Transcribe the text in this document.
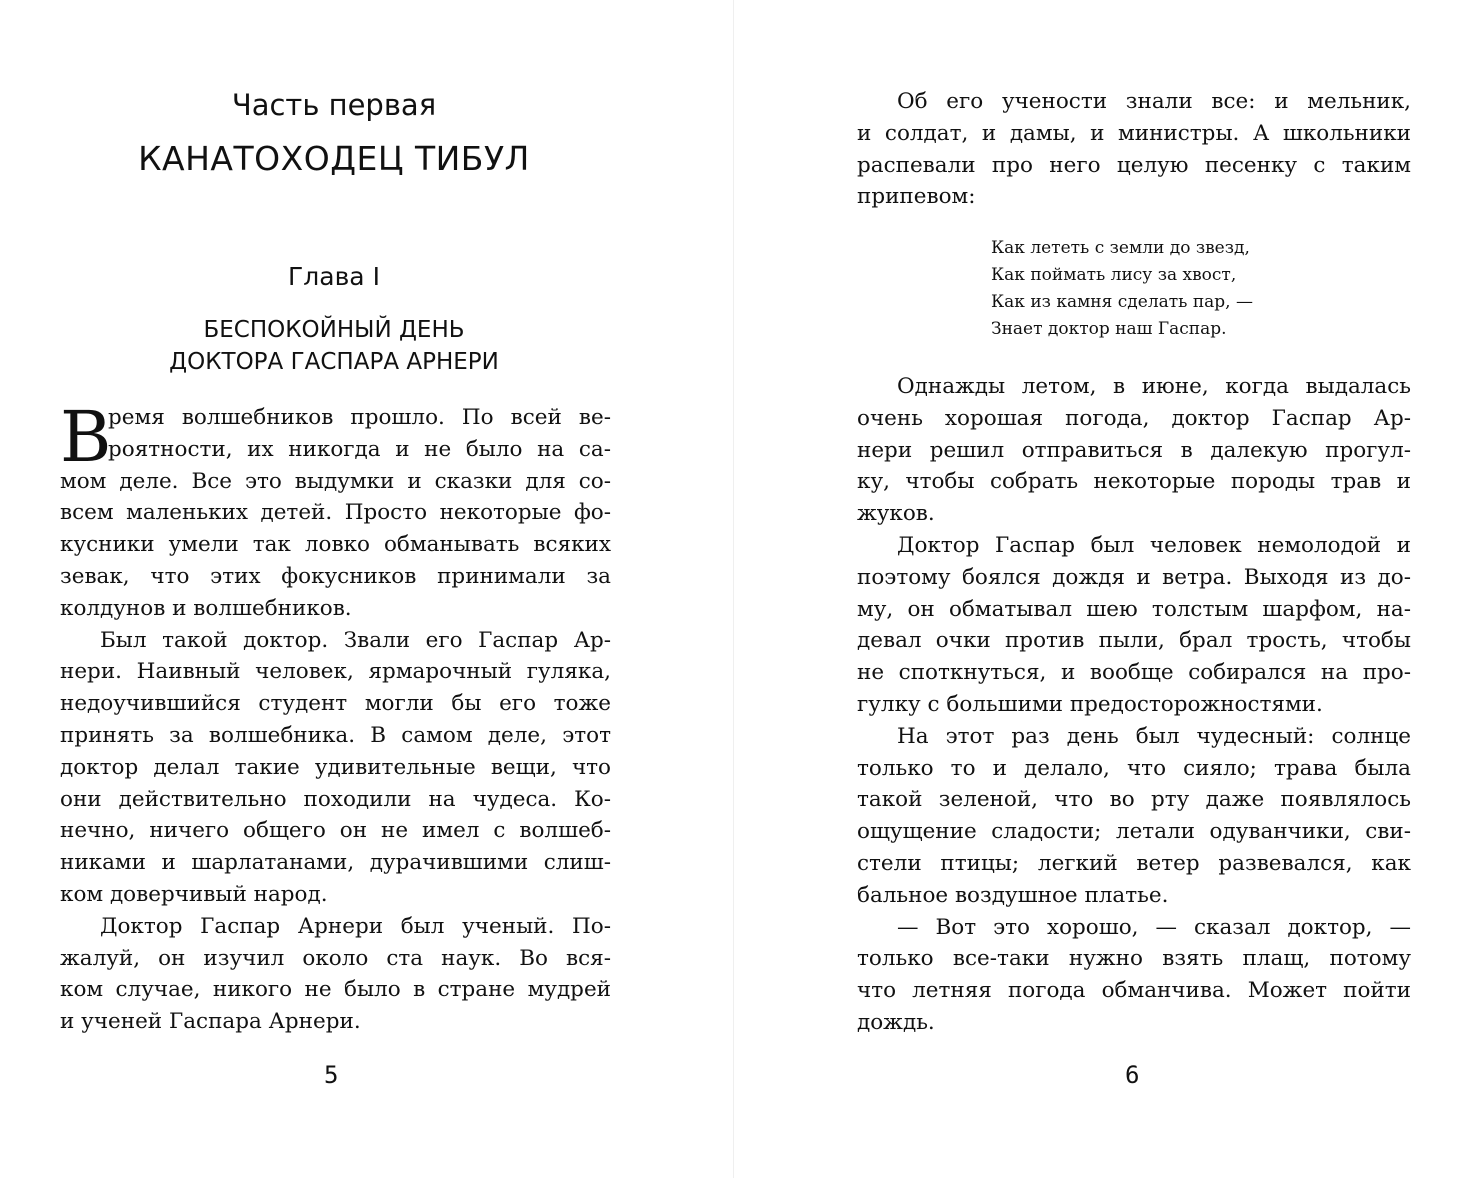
Часть первая
КАНАТОХОДЕЦ ТИБУЛ
Глава I
БЕСПОКОЙНЫЙ ДЕНЬ
ДОКТОРА ГАСПАРА АРНЕРИ
В
ремя волшебников прошло. По всей ве-
роятности, их никогда и не было на са-
мом деле. Все это выдумки и сказки для со-
всем маленьких детей. Просто некоторые фо-
кусники умели так ловко обманывать всяких
зевак, что этих фокусников принимали за
колдунов и волшебников.
Был такой доктор. Звали его Гаспар Ар-
нери. Наивный человек, ярмарочный гуляка,
недоучившийся студент могли бы его тоже
принять за волшебника. В самом деле, этот
доктор делал такие удивительные вещи, что
они действительно походили на чудеса. Ко-
нечно, ничего общего он не имел с волшеб-
никами и шарлатанами, дурачившими слиш-
ком доверчивый народ.
Доктор Гаспар Арнери был ученый. По-
жалуй, он изучил около ста наук. Во вся-
ком случае, никого не было в стране мудрей
и ученей Гаспара Арнери.
5
Об его учености знали все: и мельник,
и солдат, и дамы, и министры. А школьники
распевали про него целую песенку с таким
припевом:
Как лететь с земли до звезд,
Как поймать лису за хвост,
Как из камня сделать пар, —
Знает доктор наш Гаспар.
Однажды летом, в июне, когда выдалась
очень хорошая погода, доктор Гаспар Ар-
нери решил отправиться в далекую прогул-
ку, чтобы собрать некоторые породы трав и
жуков.
Доктор Гаспар был человек немолодой и
поэтому боялся дождя и ветра. Выходя из до-
му, он обматывал шею толстым шарфом, на-
девал очки против пыли, брал трость, чтобы
не споткнуться, и вообще собирался на про-
гулку с большими предосторожностями.
На этот раз день был чудесный: солнце
только то и делало, что сияло; трава была
такой зеленой, что во рту даже появлялось
ощущение сладости; летали одуванчики, сви-
стели птицы; легкий ветер развевался, как
бальное воздушное платье.
— Вот это хорошо, — сказал доктор, —
только все-таки нужно взять плащ, потому
что летняя погода обманчива. Может пойти
дождь.
6
